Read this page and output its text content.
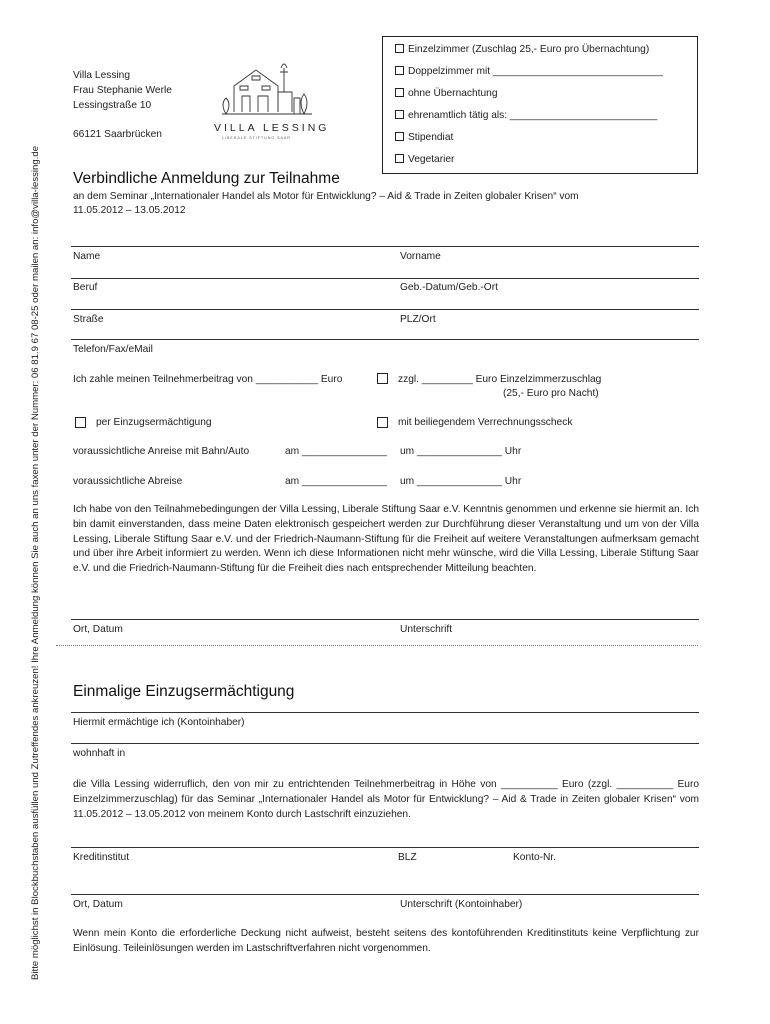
Bitte möglichst in Blockbuchstaben ausfüllen und Zutreffendes ankreuzen! Ihre Anmeldung können Sie auch an uns faxen unter der Nummer: 06 81.9 67 08-25 oder mailen an: info@villa-lessing.de
Villa Lessing
Frau Stephanie Werle
Lessingstraße 10
66121 Saarbrücken
VILLA LESSING
LIBERALE STIFTUNG SAAR
Einzelzimmer (Zuschlag 25,- Euro pro Übernachtung)
Doppelzimmer mit ______________________________
ohne Übernachtung
ehrenamtlich tätig als: __________________________
Stipendiat
Vegetarier
Verbindliche Anmeldung zur Teilnahme
an dem Seminar „Internationaler Handel als Motor für Entwicklung? – Aid & Trade in Zeiten globaler Krisen“ vom
11.05.2012 – 13.05.2012
Name	Vorname
Beruf	Geb.-Datum/Geb.-Ort
Straße	PLZ/Ort
Telefon/Fax/eMail
Ich zahle meinen Teilnehmerbeitrag von ___________ Euro	zzgl. _________ Euro Einzelzimmerzuschlag
(25,- Euro pro Nacht)
per Einzugsermächtigung	mit beiliegendem Verrechnungsscheck
voraussichtliche Anreise mit Bahn/Auto	am _______________ um _______________ Uhr
voraussichtliche Abreise	am _______________ um _______________ Uhr
Ich habe von den Teilnahmebedingungen der Villa Lessing, Liberale Stiftung Saar e.V. Kenntnis genommen und erkenne sie hiermit an. Ich bin damit einverstanden, dass meine Daten elektronisch gespeichert werden zur Durchführung dieser Veranstaltung und um von der Villa Lessing, Liberale Stiftung Saar e.V. und der Friedrich-Naumann-Stiftung für die Freiheit auf weitere Veranstaltungen aufmerksam gemacht und über ihre Arbeit informiert zu werden. Wenn ich diese Informationen nicht mehr wünsche, wird die Villa Lessing, Liberale Stiftung Saar e.V. und die Friedrich-Naumann-Stiftung für die Freiheit dies nach entsprechender Mitteilung beachten.
Ort, Datum	Unterschrift
Einmalige Einzugsermächtigung
Hiermit ermächtige ich (Kontoinhaber)
wohnhaft in
die Villa Lessing widerruflich, den von mir zu entrichtenden Teilnehmerbeitrag in Höhe von __________ Euro (zzgl. __________ Euro Einzelzimmerzuschlag) für das Seminar „Internationaler Handel als Motor für Entwicklung? – Aid & Trade in Zeiten globaler Krisen“ vom 11.05.2012 – 13.05.2012 von meinem Konto durch Lastschrift einzuziehen.
Kreditinstitut	BLZ	Konto-Nr.
Ort, Datum	Unterschrift (Kontoinhaber)
Wenn mein Konto die erforderliche Deckung nicht aufweist, besteht seitens des kontoführenden Kreditinstituts keine Verpflichtung zur Einlösung. Teileinlösungen werden im Lastschriftverfahren nicht vorgenommen.
